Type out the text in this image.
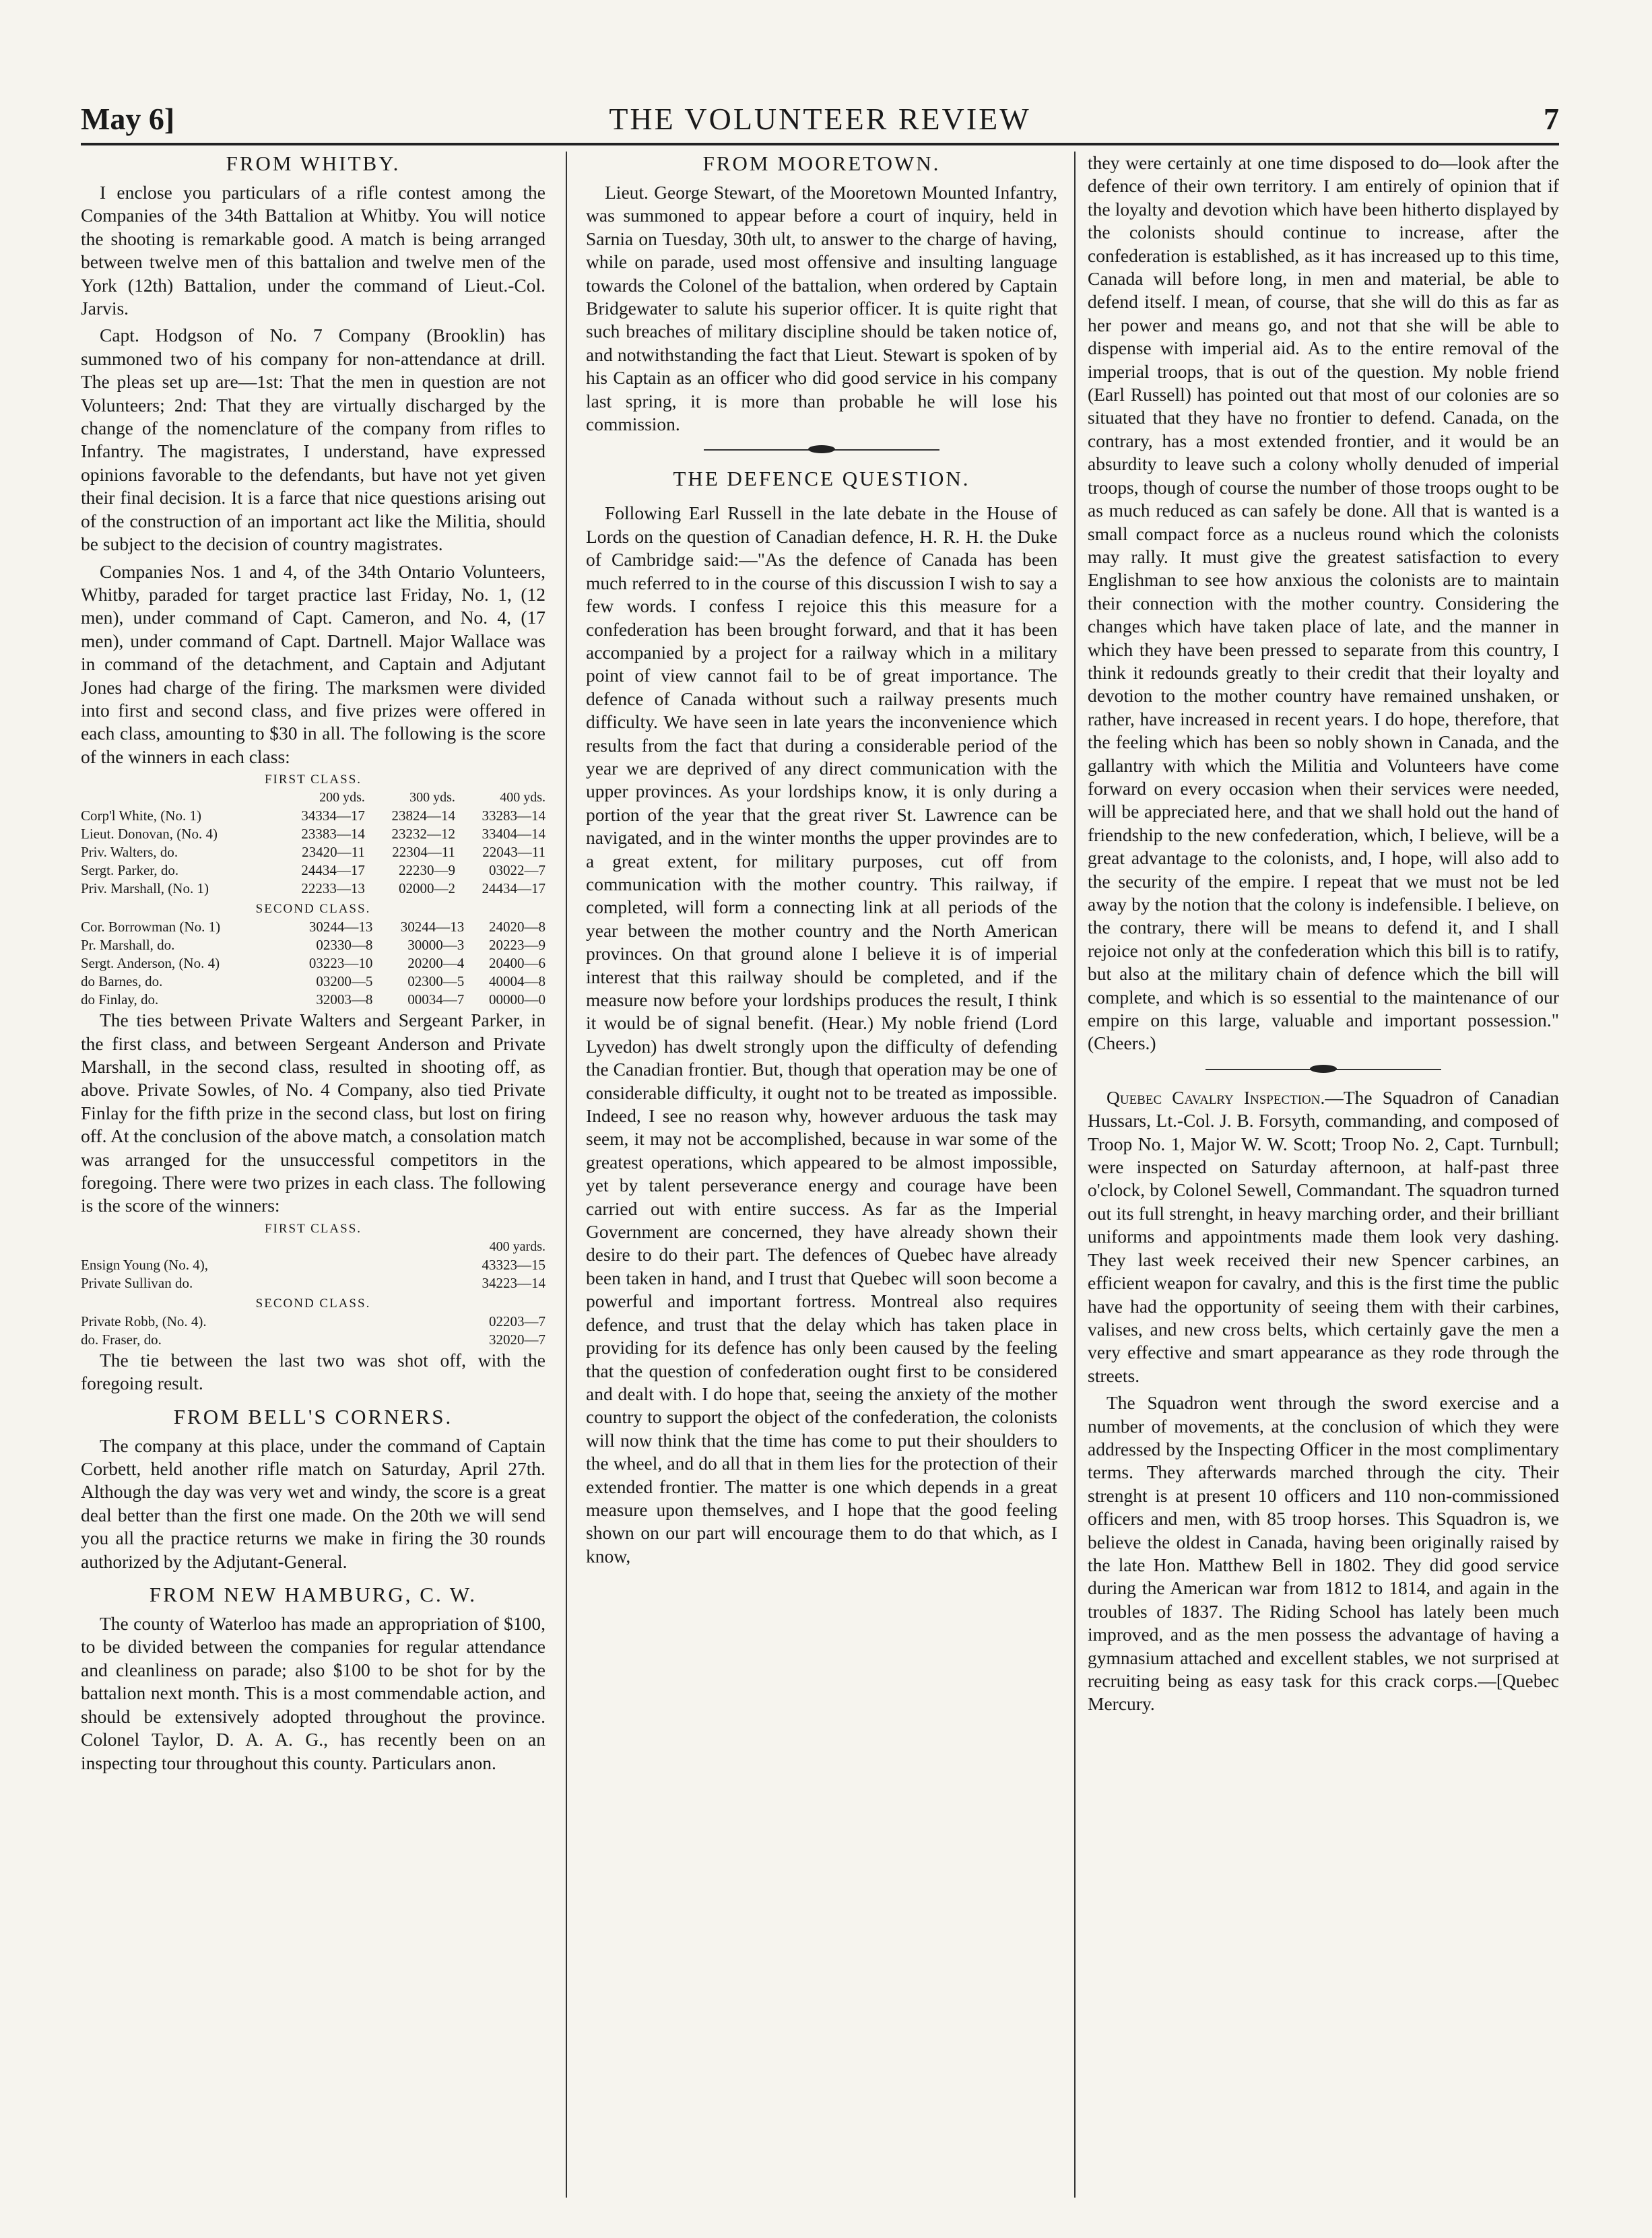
May 6]	THE VOLUNTEER REVIEW	7
FROM WHITBY.

I enclose you particulars of a rifle contest among the Companies of the 34th Battalion at Whitby. You will notice the shooting is remarkable good. A match is being arranged between twelve men of this battalion and twelve men of the York (12th) Battalion, under the command of Lieut.-Col. Jarvis.

Capt. Hodgson of No. 7 Company (Brooklin) has summoned two of his company for non-attendance at drill. The pleas set up are—1st: That the men in question are not Volunteers; 2nd: That they are virtually discharged by the change of the nomenclature of the company from rifles to Infantry. The magistrates, I understand, have expressed opinions favorable to the defendants, but have not yet given their final decision. It is a farce that nice questions arising out of the construction of an important act like the Militia, should be subject to the decision of country magistrates.

Companies Nos. 1 and 4, of the 34th Ontario Volunteers, Whitby, paraded for target practice last Friday, No. 1, (12 men), under command of Capt. Cameron, and No. 4, (17 men), under command of Capt. Dartnell. Major Wallace was in command of the detachment, and Captain and Adjutant Jones had charge of the firing. The marksmen were divided into first and second class, and five prizes were offered in each class, amounting to $30 in all. The following is the score of the winners in each class:

FIRST CLASS.
	200 yds.	300 yds.	400 yds.
Corp'l White, (No. 1)	34334—17	23824—14	33283—14
Lieut. Donovan, (No. 4)	23383—14	23232—12	33404—14
Priv. Walters, do.	23420—11	22304—11	22043—11
Sergt. Parker, do.	24434—17	22230—9	03022—7
Priv. Marshall, (No. 1)	22233—13	02000—2	24434—17
SECOND CLASS.
Cor. Borrowman (No. 1)	30244—13	30244—13	24020—8
Pr. Marshall, do.	02330—8	30000—3	20223—9
Sergt. Anderson, (No. 4)	03223—10	20200—4	20400—6
do Barnes, do.	03200—5	02300—5	40004—8
do Finlay, do.	32003—8	00034—7	00000—0

The ties between Private Walters and Sergeant Parker, in the first class, and between Sergeant Anderson and Private Marshall, in the second class, resulted in shooting off, as above. Private Sowles, of No. 4 Company, also tied Private Finlay for the fifth prize in the second class, but lost on firing off. At the conclusion of the above match, a consolation match was arranged for the unsuccessful competitors in the foregoing. There were two prizes in each class. The following is the score of the winners:

FIRST CLASS.
	400 yards.
Ensign Young (No. 4),	43323—15
Private Sullivan do.	34223—14
SECOND CLASS.
Private Robb, (No. 4).	02203—7
do. Fraser, do.	32020—7

The tie between the last two was shot off, with the foregoing result.

FROM BELL'S CORNERS.

The company at this place, under the command of Captain Corbett, held another rifle match on Saturday, April 27th. Although the day was very wet and windy, the score is a great deal better than the first one made. On the 20th we will send you all the practice returns we make in firing the 30 rounds authorized by the Adjutant-General.

FROM NEW HAMBURG, C. W.

The county of Waterloo has made an appropriation of $100, to be divided between the companies for regular attendance and cleanliness on parade; also $100 to be shot for by the battalion next month. This is a most commendable action, and should be extensively adopted throughout the province. Colonel Taylor, D. A. A. G., has recently been on an inspecting tour throughout this county. Particulars anon.

FROM MOORETOWN.

Lieut. George Stewart, of the Mooretown Mounted Infantry, was summoned to appear before a court of inquiry, held in Sarnia on Tuesday, 30th ult, to answer to the charge of having, while on parade, used most offensive and insulting language towards the Colonel of the battalion, when ordered by Captain Bridgewater to salute his superior officer. It is quite right that such breaches of military discipline should be taken notice of, and notwithstanding the fact that Lieut. Stewart is spoken of by his Captain as an officer who did good service in his company last spring, it is more than probable he will lose his commission.

THE DEFENCE QUESTION.

Following Earl Russell in the late debate in the House of Lords on the question of Canadian defence, H. R. H. the Duke of Cambridge said:—"As the defence of Canada has been much referred to in the course of this discussion I wish to say a few words. I confess I rejoice this this measure for a confederation has been brought forward, and that it has been accompanied by a project for a railway which in a military point of view cannot fail to be of great importance. The defence of Canada without such a railway presents much difficulty. We have seen in late years the inconvenience which results from the fact that during a considerable period of the year we are deprived of any direct communication with the upper provinces. As your lordships know, it is only during a portion of the year that the great river St. Lawrence can be navigated, and in the winter months the upper provindes are to a great extent, for military purposes, cut off from communication with the mother country. This railway, if completed, will form a connecting link at all periods of the year between the mother country and the North American provinces. On that ground alone I believe it is of imperial interest that this railway should be completed, and if the measure now before your lordships produces the result, I think it would be of signal benefit. (Hear.) My noble friend (Lord Lyvedon) has dwelt strongly upon the difficulty of defending the Canadian frontier. But, though that operation may be one of considerable difficulty, it ought not to be treated as impossible. Indeed, I see no reason why, however arduous the task may seem, it may not be accomplished, because in war some of the greatest operations, which appeared to be almost impossible, yet by talent perseverance energy and courage have been carried out with entire success. As far as the Imperial Government are concerned, they have already shown their desire to do their part. The defences of Quebec have already been taken in hand, and I trust that Quebec will soon become a powerful and important fortress. Montreal also requires defence, and trust that the delay which has taken place in providing for its defence has only been caused by the feeling that the question of confederation ought first to be considered and dealt with. I do hope that, seeing the anxiety of the mother country to support the object of the confederation, the colonists will now think that the time has come to put their shoulders to the wheel, and do all that in them lies for the protection of their extended frontier. The matter is one which depends in a great measure upon themselves, and I hope that the good feeling shown on our part will encourage them to do that which, as I know,

they were certainly at one time disposed to do—look after the defence of their own territory. I am entirely of opinion that if the loyalty and devotion which have been hitherto displayed by the colonists should continue to increase, after the confederation is established, as it has increased up to this time, Canada will before long, in men and material, be able to defend itself. I mean, of course, that she will do this as far as her power and means go, and not that she will be able to dispense with imperial aid. As to the entire removal of the imperial troops, that is out of the question. My noble friend (Earl Russell) has pointed out that most of our colonies are so situated that they have no frontier to defend. Canada, on the contrary, has a most extended frontier, and it would be an absurdity to leave such a colony wholly denuded of imperial troops, though of course the number of those troops ought to be as much reduced as can safely be done. All that is wanted is a small compact force as a nucleus round which the colonists may rally. It must give the greatest satisfaction to every Englishman to see how anxious the colonists are to maintain their connection with the mother country. Considering the changes which have taken place of late, and the manner in which they have been pressed to separate from this country, I think it redounds greatly to their credit that their loyalty and devotion to the mother country have remained unshaken, or rather, have increased in recent years. I do hope, therefore, that the feeling which has been so nobly shown in Canada, and the gallantry with which the Militia and Volunteers have come forward on every occasion when their services were needed, will be appreciated here, and that we shall hold out the hand of friendship to the new confederation, which, I believe, will be a great advantage to the colonists, and, I hope, will also add to the security of the empire. I repeat that we must not be led away by the notion that the colony is indefensible. I believe, on the contrary, there will be means to defend it, and I shall rejoice not only at the confederation which this bill is to ratify, but also at the military chain of defence which the bill will complete, and which is so essential to the maintenance of our empire on this large, valuable and important possession." (Cheers.)

Quebec Cavalry Inspection.—The Squadron of Canadian Hussars, Lt.-Col. J. B. Forsyth, commanding, and composed of Troop No. 1, Major W. W. Scott; Troop No. 2, Capt. Turnbull; were inspected on Saturday afternoon, at half-past three o'clock, by Colonel Sewell, Commandant. The squadron turned out its full strenght, in heavy marching order, and their brilliant uniforms and appointments made them look very dashing. They last week received their new Spencer carbines, an efficient weapon for cavalry, and this is the first time the public have had the opportunity of seeing them with their carbines, valises, and new cross belts, which certainly gave the men a very effective and smart appearance as they rode through the streets.

The Squadron went through the sword exercise and a number of movements, at the conclusion of which they were addressed by the Inspecting Officer in the most complimentary terms. They afterwards marched through the city. Their strenght is at present 10 officers and 110 non-commissioned officers and men, with 85 troop horses. This Squadron is, we believe the oldest in Canada, having been originally raised by the late Hon. Matthew Bell in 1802. They did good service during the American war from 1812 to 1814, and again in the troubles of 1837. The Riding School has lately been much improved, and as the men possess the advantage of having a gymnasium attached and excellent stables, we not surprised at recruiting being as easy task for this crack corps.—[Quebec Mercury.
